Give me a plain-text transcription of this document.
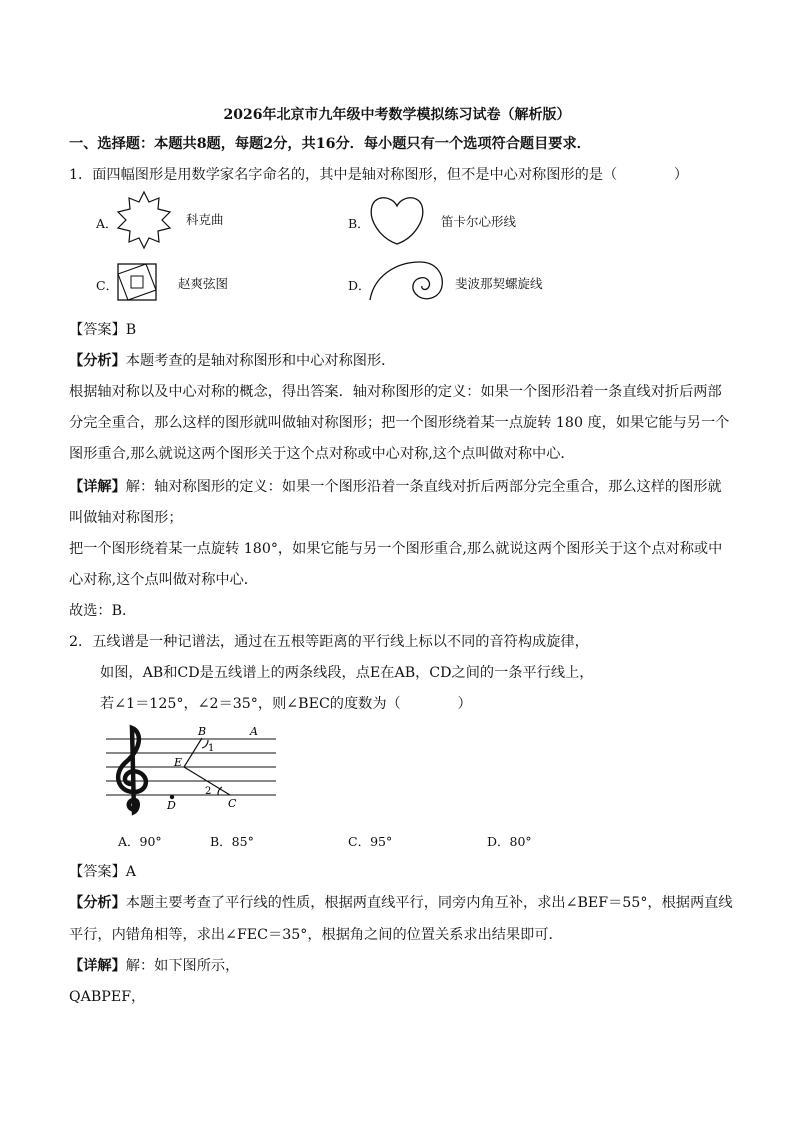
2026年北京市九年级中考数学模拟练习试卷（解析版）
一、选择题：本题共8题，每题2分，共16分．每小题只有一个选项符合题目要求．
1．面四幅图形是用数学家名字命名的，其中是轴对称图形，但不是中心对称图形的是（　　　　）
A．	科克曲	B．	笛卡尔心形线
C．	赵爽弦图	D．	斐波那契螺旋线
【答案】B
【分析】本题考查的是轴对称图形和中心对称图形．
根据轴对称以及中心对称的概念，得出答案．轴对称图形的定义：如果一个图形沿着一条直线对折后两部
分完全重合，那么这样的图形就叫做轴对称图形；把一个图形绕着某一点旋转 180 度，如果它能与另一个
图形重合,那么就说这两个图形关于这个点对称或中心对称,这个点叫做对称中心．
【详解】解：轴对称图形的定义：如果一个图形沿着一条直线对折后两部分完全重合，那么这样的图形就
叫做轴对称图形；
把一个图形绕着某一点旋转 180°，如果它能与另一个图形重合,那么就说这两个图形关于这个点对称或中
心对称,这个点叫做对称中心．
故选：B．
2．五线谱是一种记谱法，通过在五根等距离的平行线上标以不同的音符构成旋律，
如图，AB和CD是五线谱上的两条线段，点E在AB，CD之间的一条平行线上，
若∠1＝125°，∠2＝35°，则∠BEC的度数为（　　　　）
B	A
E
1
2
D	C
A．90°	B．85°	C．95°	D．80°
【答案】A
【分析】本题主要考查了平行线的性质，根据两直线平行，同旁内角互补，求出∠BEF＝55°，根据两直线
平行，内错角相等，求出∠FEC＝35°，根据角之间的位置关系求出结果即可．
【详解】解：如下图所示，
QABPEF，
